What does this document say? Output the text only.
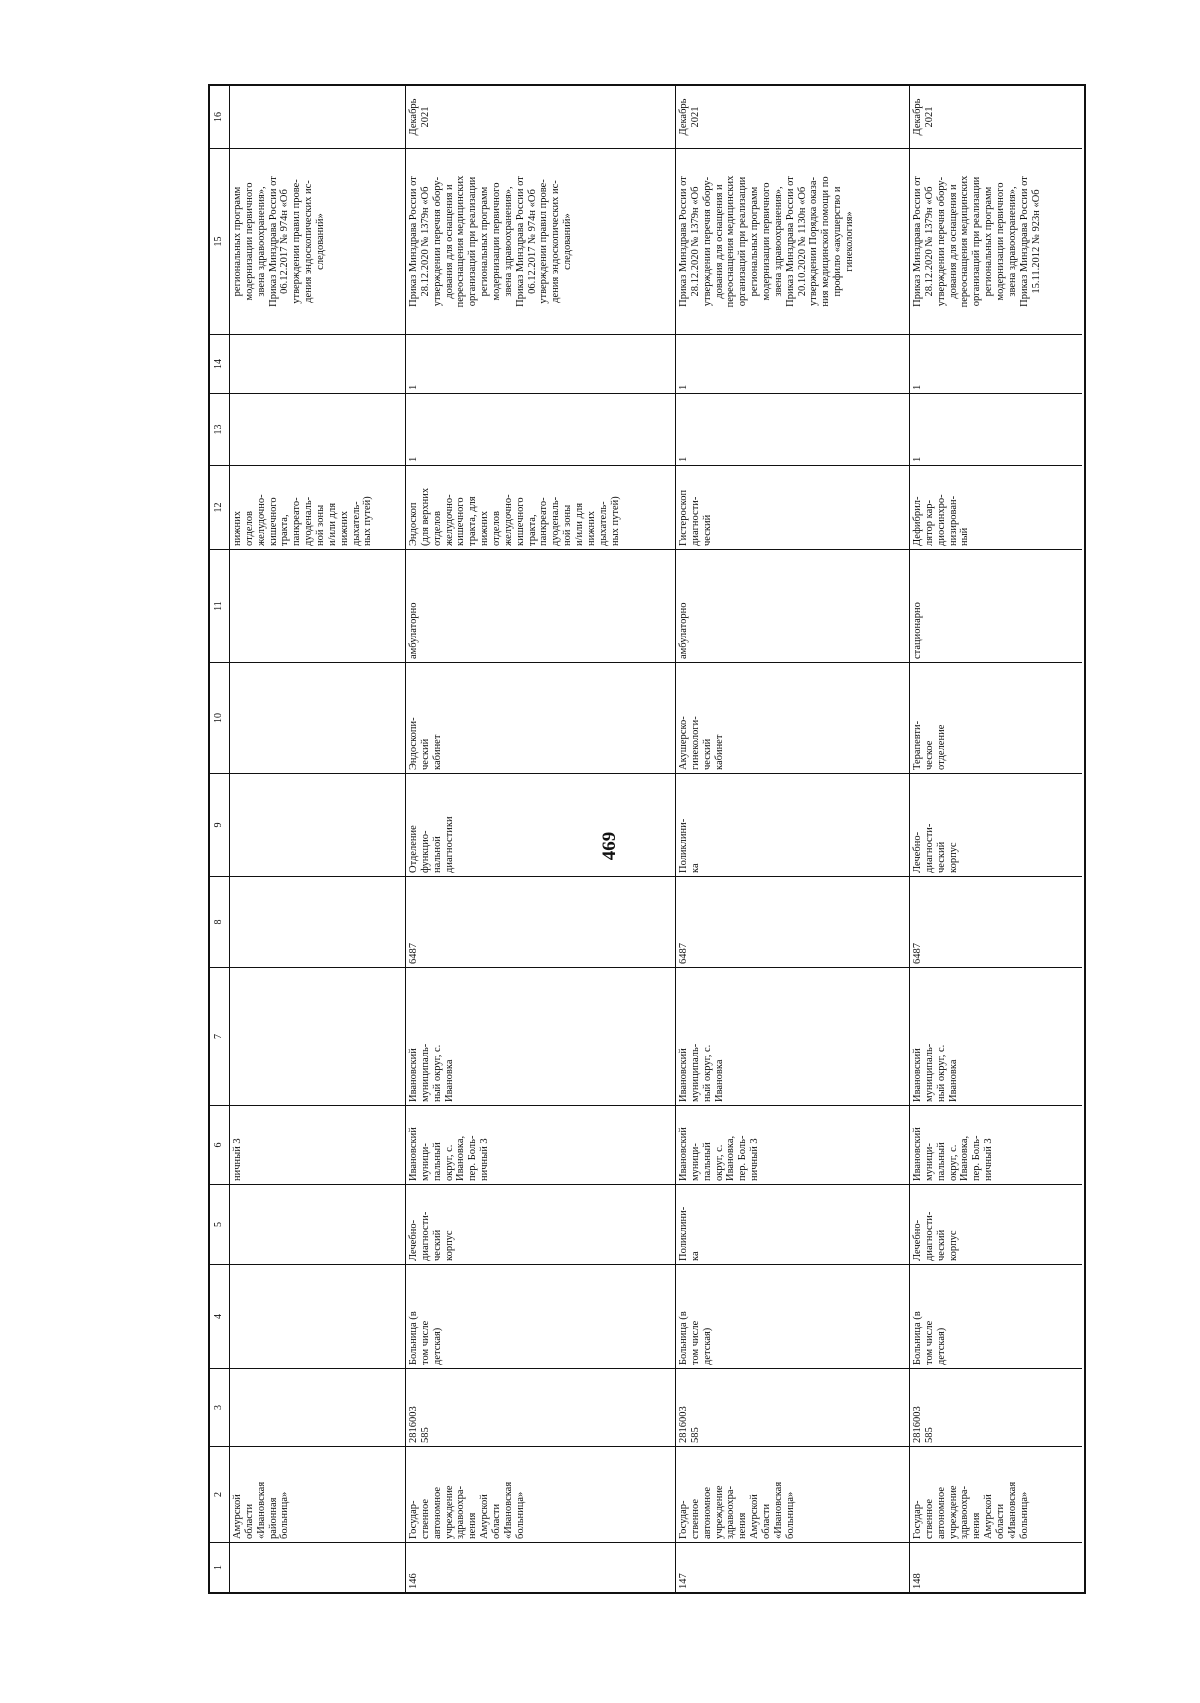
469
1
2
3
4
5
6
7
8
9
10
11
12
13
14
15
16
Амурской
области
«Ивановская
районная
больница»
ничный 3
нижних
отделов
желудочно-
кишечного
тракта,
панкреато-
дуоденаль-
ной зоны
и/или для
нижних
дыхатель-
ных путей)
региональных программ
модернизации первичного
звена здравоохранения»,
Приказ Минздрава России от
06.12.2017 № 974н «Об
утверждении правил прове-
дения эндоскопических ис-
следований»
146
Государ-
ственное
автономное
учреждение
здравоохра-
нения
Амурской
области
«Ивановская
больница»
2816003
585
Больница (в
том числе
детская)
Лечебно-
диагности-
ческий
корпус
Ивановский
муници-
пальный
округ, с.
Ивановка,
пер. Боль-
ничный 3
Ивановский
муниципаль-
ный округ, с.
Ивановка
6487
Отделение
функцио-
нальной
диагностики
Эндоскопи-
ческий
кабинет
амбулаторно
Эндоскоп
(для верхних
отделов
желудочно-
кишечного
тракта, для
нижних
отделов
желудочно-
кишечного
тракта,
панкреато-
дуоденаль-
ной зоны
и/или для
нижних
дыхатель-
ных путей)
1
1
Приказ Минздрава России от
28.12.2020 № 1379н «Об
утверждении перечня обору-
дования для оснащения и
переоснащения медицинских
организаций при реализации
региональных программ
модернизации первичного
звена здравоохранения»,
Приказ Минздрава России от
06.12.2017 № 974н «Об
утверждении правил прове-
дения эндоскопических ис-
следований»
Декабрь
2021
147
Государ-
ственное
автономное
учреждение
здравоохра-
нения
Амурской
области
«Ивановская
больница»
2816003
585
Больница (в
том числе
детская)
Поликлини-
ка
Ивановский
муници-
пальный
округ, с.
Ивановка,
пер. Боль-
ничный 3
Ивановский
муниципаль-
ный округ, с.
Ивановка
6487
Поликлини-
ка
Акушерско-
гинекологи-
ческий
кабинет
амбулаторно
Гистероскоп
диагности-
ческий
1
1
Приказ Минздрава России от
28.12.2020 № 1379н «Об
утверждении перечня обору-
дования для оснащения и
переоснащения медицинских
организаций при реализации
региональных программ
модернизации первичного
звена здравоохранения»,
Приказ Минздрава России от
20.10.2020 № 1130н «Об
утверждении Порядка оказа-
ния медицинской помощи по
профилю «акушерство и
гинекология»
Декабрь
2021
148
Государ-
ственное
автономное
учреждение
здравоохра-
нения
Амурской
области
«Ивановская
больница»
2816003
585
Больница (в
том числе
детская)
Лечебно-
диагности-
ческий
корпус
Ивановский
муници-
пальный
округ, с.
Ивановка,
пер. Боль-
ничный 3
Ивановский
муниципаль-
ный округ, с.
Ивановка
6487
Лечебно-
диагности-
ческий
корпус
Терапевти-
ческое
отделение
стационарно
Дефибрил-
лятор кар-
диосинхро-
низирован-
ный
1
1
Приказ Минздрава России от
28.12.2020 № 1379н «Об
утверждении перечня обору-
дования для оснащения и
переоснащения медицинских
организаций при реализации
региональных программ
модернизации первичного
звена здравоохранения»,
Приказ Минздрава России от
15.11.2012 № 923н «Об
Декабрь
2021
